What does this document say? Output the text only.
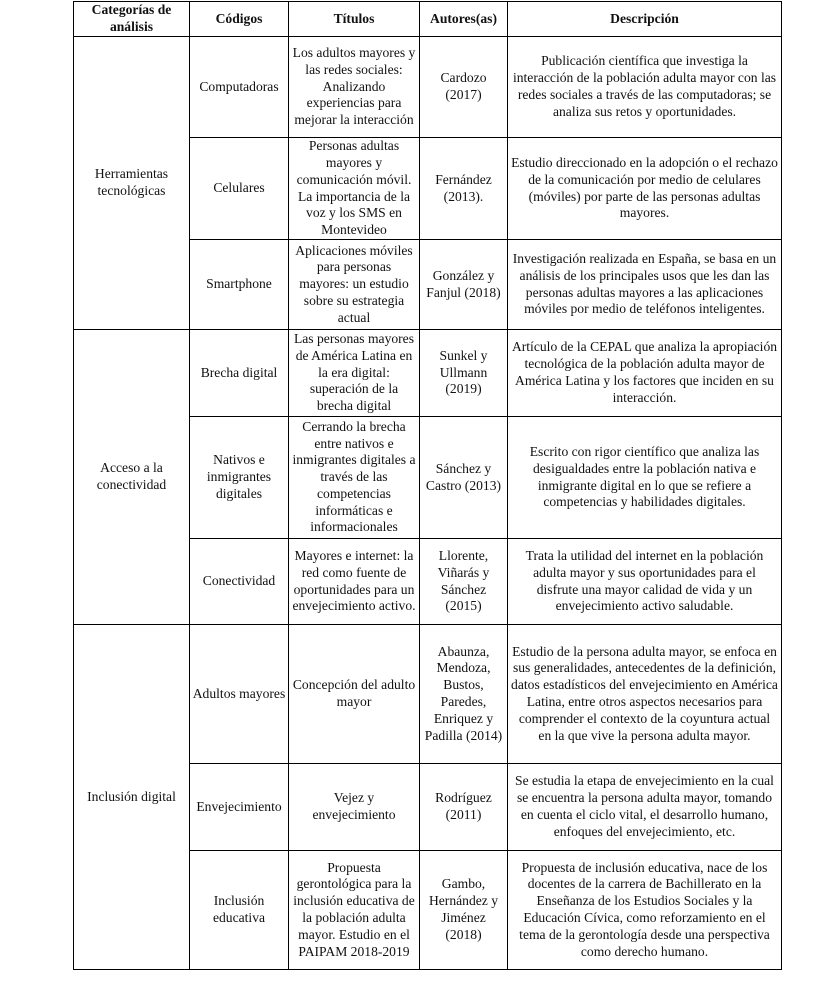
Categorías de análisis	Códigos	Títulos	Autores(as)	Descripción
Herramientas tecnológicas	Computadoras	Los adultos mayores y las redes sociales: Analizando experiencias para mejorar la interacción	Cardozo (2017)	Publicación científica que investiga la interacción de la población adulta mayor con las redes sociales a través de las computadoras; se analiza sus retos y oportunidades.
	Celulares	Personas adultas mayores y comunicación móvil. La importancia de la voz y los SMS en Montevideo	Fernández (2013).	Estudio direccionado en la adopción o el rechazo de la comunicación por medio de celulares (móviles) por parte de las personas adultas mayores.
	Smartphone	Aplicaciones móviles para personas mayores: un estudio sobre su estrategia actual	González y Fanjul (2018)	Investigación realizada en España, se basa en un análisis de los principales usos que les dan las personas adultas mayores a las aplicaciones móviles por medio de teléfonos inteligentes.
Acceso a la conectividad	Brecha digital	Las personas mayores de América Latina en la era digital: superación de la brecha digital	Sunkel y Ullmann (2019)	Artículo de la CEPAL que analiza la apropiación tecnológica de la población adulta mayor de América Latina y los factores que inciden en su interacción.
	Nativos e inmigrantes digitales	Cerrando la brecha entre nativos e inmigrantes digitales a través de las competencias informáticas e informacionales	Sánchez y Castro (2013)	Escrito con rigor científico que analiza las desigualdades entre la población nativa e inmigrante digital en lo que se refiere a competencias y habilidades digitales.
	Conectividad	Mayores e internet: la red como fuente de oportunidades para un envejecimiento activo.	Llorente, Viñarás y Sánchez (2015)	Trata la utilidad del internet en la población adulta mayor y sus oportunidades para el disfrute una mayor calidad de vida y un envejecimiento activo saludable.
Inclusión digital	Adultos mayores	Concepción del adulto mayor	Abaunza, Mendoza, Bustos, Paredes, Enriquez y Padilla (2014)	Estudio de la persona adulta mayor, se enfoca en sus generalidades, antecedentes de la definición, datos estadísticos del envejecimiento en América Latina, entre otros aspectos necesarios para comprender el contexto de la coyuntura actual en la que vive la persona adulta mayor.
	Envejecimiento	Vejez y envejecimiento	Rodríguez (2011)	Se estudia la etapa de envejecimiento en la cual se encuentra la persona adulta mayor, tomando en cuenta el ciclo vital, el desarrollo humano, enfoques del envejecimiento, etc.
	Inclusión educativa	Propuesta gerontológica para la inclusión educativa de la población adulta mayor. Estudio en el PAIPAM 2018-2019	Gambo, Hernández y Jiménez (2018)	Propuesta de inclusión educativa, nace de los docentes de la carrera de Bachillerato en la Enseñanza de los Estudios Sociales y la Educación Cívica, como reforzamiento en el tema de la gerontología desde una perspectiva como derecho humano.
